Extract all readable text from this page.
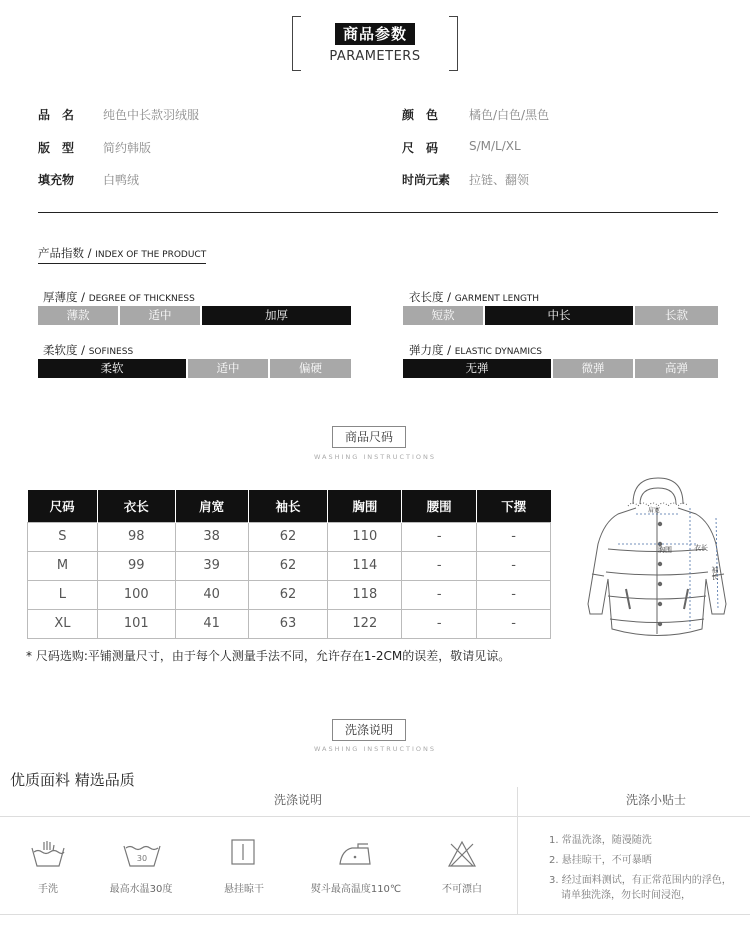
商品参数
PARAMETERS
品　名 纯色中长款羽绒服	颜　色	橘色/白色/黑色
版　型 简约韩版	尺　码	S/M/L/XL
填充物 白鸭绒	时尚元素 拉链、翻领
产品指数 / INDEX OF THE PRODUCT
厚薄度 / DEGREE OF THICKNESS
薄款	适中	加厚
衣长度 / GARMENT LENGTH
短款	中长	长款
柔软度 / SOFINESS
柔软	适中	偏硬
弹力度 / ELASTIC DYNAMICS
无弹	微弹	高弹
商品尺码
WASHING INSTRUCTIONS
尺码	衣长	肩宽	袖长	胸围	腰围	下摆
S	98	38	62	110	-	-
M	99	39	62	114	-	-
L	100	40	62	118	-	-
XL	101	41	63	122	-	-
* 尺码选购:平铺测量尺寸，由于每个人测量手法不同，允许存在1-2CM的误差，敬请见谅。
胸围	衣长
袖长
肩宽
洗涤说明
WASHING INSTRUCTIONS
优质面料 精选品质
洗涤说明	洗涤小贴士
手洗
30
最高水温30度	悬挂晾干	熨斗最高温度110℃	不可漂白
1. 常温洗涤，随漫随洗
2. 悬挂晾干，不可暴晒
3. 经过面料测试，有正常范围内的浮色，
请单独洗涤，勿长时间浸泡，
